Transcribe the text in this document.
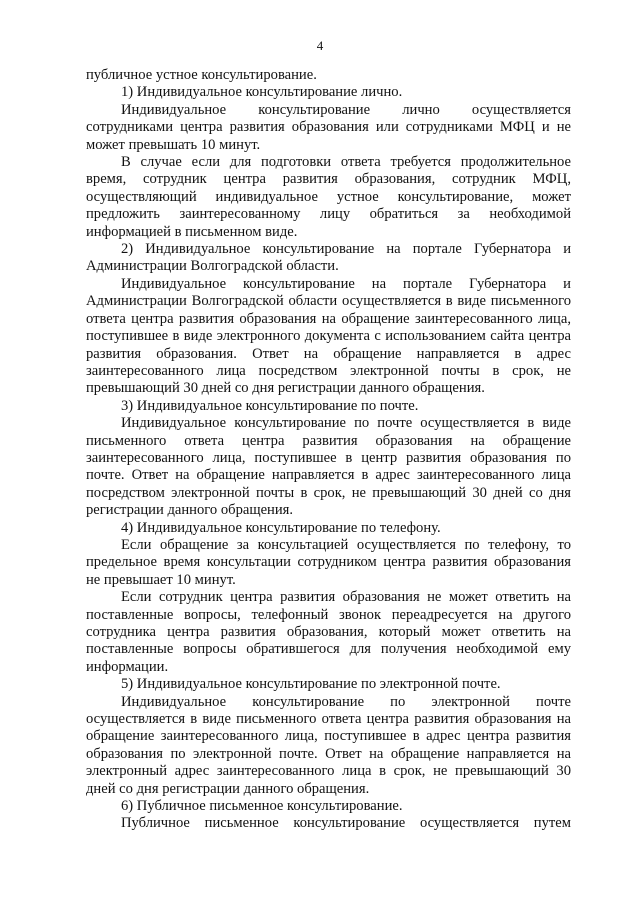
4

публичное устное консультирование.

1) Индивидуальное консультирование лично.

Индивидуальное консультирование лично осуществляется сотрудниками центра развития образования или сотрудниками МФЦ и не может превышать 10 минут.

В случае если для подготовки ответа требуется продолжительное время, сотрудник центра развития образования, сотрудник МФЦ, осуществляющий индивидуальное устное консультирование, может предложить заинтересованному лицу обратиться за необходимой информацией в письменном виде.

2) Индивидуальное консультирование на портале Губернатора и Администрации Волгоградской области.

Индивидуальное консультирование на портале Губернатора и Администрации Волгоградской области осуществляется в виде письменного ответа центра развития образования на обращение заинтересованного лица, поступившее в виде электронного документа с использованием сайта центра развития образования. Ответ на обращение направляется в адрес заинтересованного лица посредством электронной почты в срок, не превышающий 30 дней со дня регистрации данного обращения.

3) Индивидуальное консультирование по почте.

Индивидуальное консультирование по почте осуществляется в виде письменного ответа центра развития образования на обращение заинтересованного лица, поступившее в центр развития образования по почте. Ответ на обращение направляется в адрес заинтересованного лица посредством электронной почты в срок, не превышающий 30 дней со дня регистрации данного обращения.

4) Индивидуальное консультирование по телефону.

Если обращение за консультацией осуществляется по телефону, то предельное время консультации сотрудником центра развития образования не превышает 10 минут.

Если сотрудник центра развития образования не может ответить на поставленные вопросы, телефонный звонок переадресуется на другого сотрудника центра развития образования, который может ответить на поставленные вопросы обратившегося для получения необходимой ему информации.

5) Индивидуальное консультирование по электронной почте.

Индивидуальное консультирование по электронной почте осуществляется в виде письменного ответа центра развития образования на обращение заинтересованного лица, поступившее в адрес центра развития образования по электронной почте. Ответ на обращение направляется на электронный адрес заинтересованного лица в срок, не превышающий 30 дней со дня регистрации данного обращения.

6) Публичное письменное консультирование.

Публичное письменное консультирование осуществляется путем
